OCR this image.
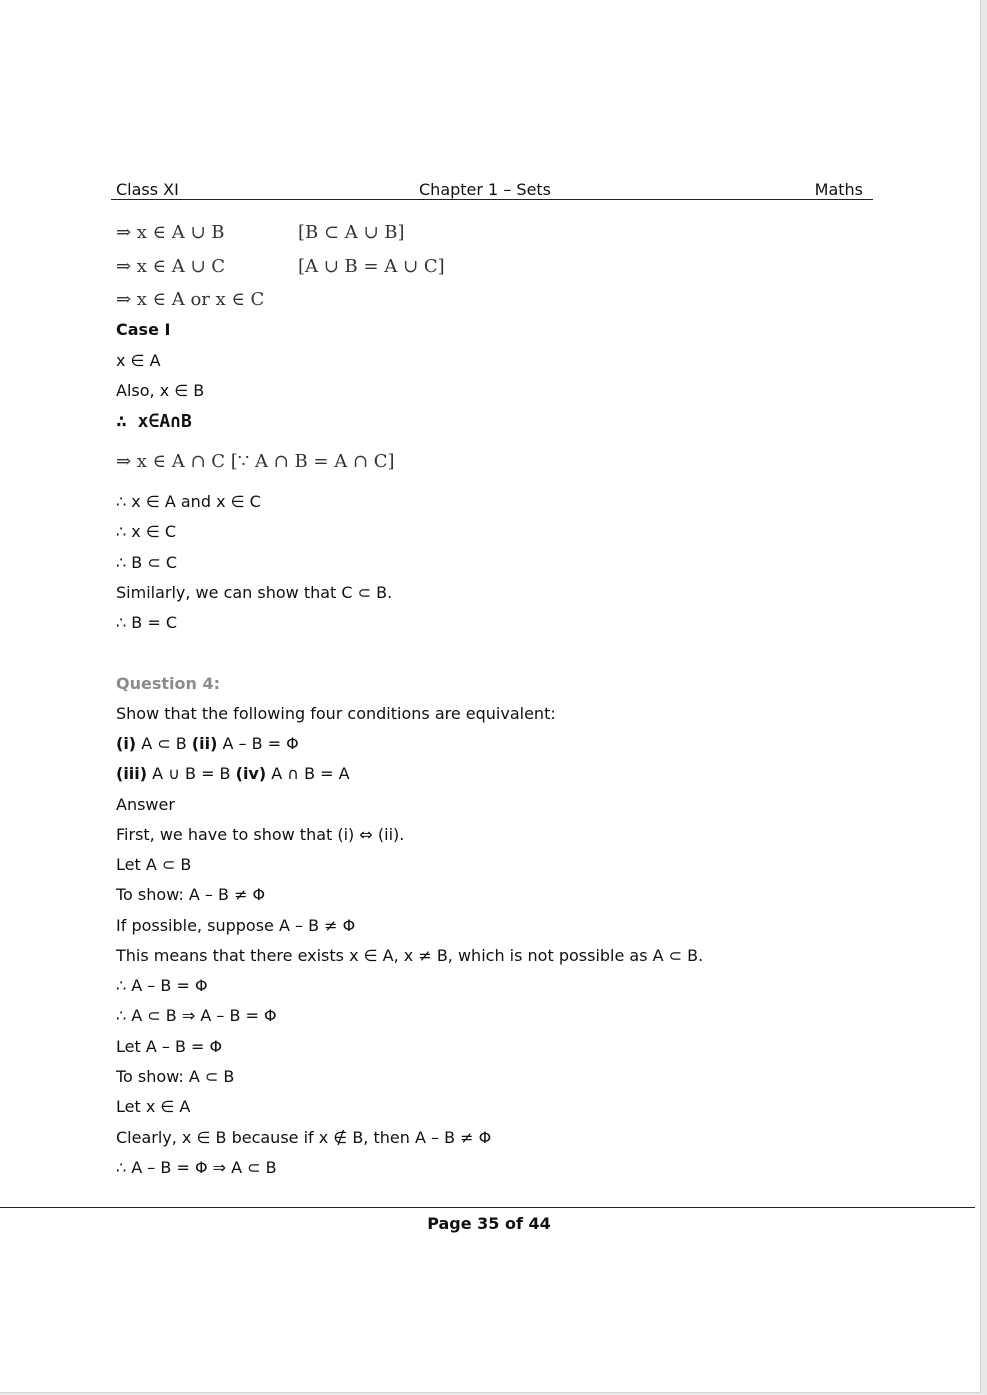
Class XI	Chapter 1 – Sets	Maths
⇒ x ∈ A ∪ B	[B ⊂ A ∪ B]
⇒ x ∈ A ∪ C	[A ∪ B = A ∪ C]
⇒ x ∈ A or x ∈ C
Case I
x ∈ A
Also, x ∈ B
∴ x∈A∩B
⇒ x ∈ A ∩ C [∵ A ∩ B = A ∩ C]
∴ x ∈ A and x ∈ C
∴ x ∈ C
∴ B ⊂ C
Similarly, we can show that C ⊂ B.
∴ B = C
Question 4:
Show that the following four conditions are equivalent:
(i) A ⊂ B (ii) A – B = Φ
(iii) A ∪ B = B (iv) A ∩ B = A
Answer
First, we have to show that (i) ⇔ (ii).
Let A ⊂ B
To show: A – B ≠ Φ
If possible, suppose A – B ≠ Φ
This means that there exists x ∈ A, x ≠ B, which is not possible as A ⊂ B.
∴ A – B = Φ
∴ A ⊂ B ⇒ A – B = Φ
Let A – B = Φ
To show: A ⊂ B
Let x ∈ A
Clearly, x ∈ B because if x ∉ B, then A – B ≠ Φ
∴ A – B = Φ ⇒ A ⊂ B
Page 35 of 44
